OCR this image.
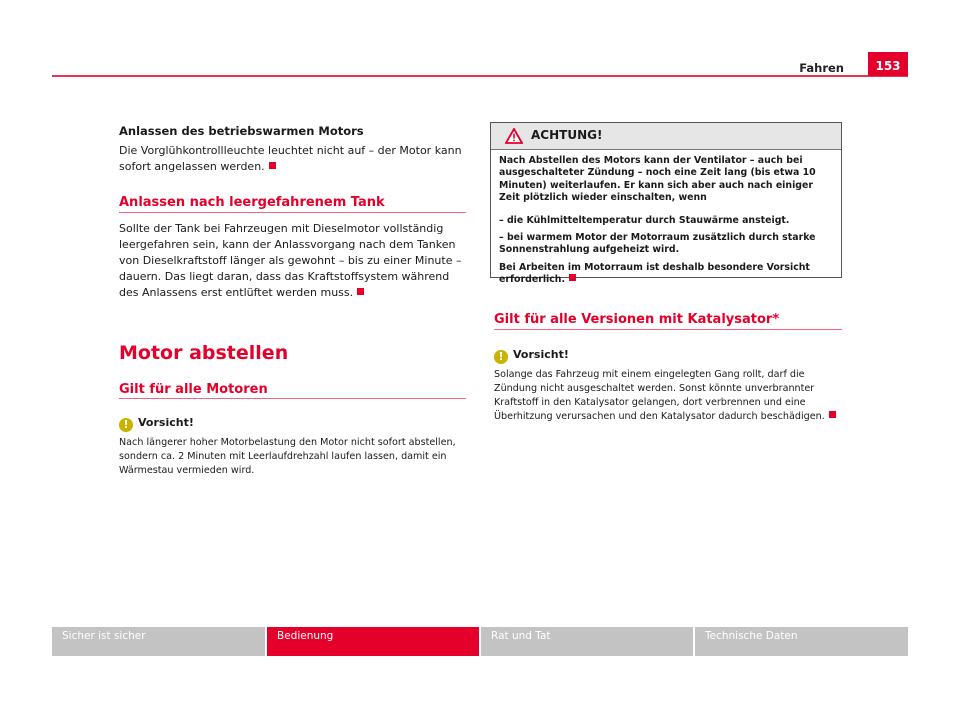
Fahren	153
Anlassen des betriebswarmen Motors
Die Vorglühkontrollleuchte leuchtet nicht auf – der Motor kann sofort angelassen werden.
Anlassen nach leergefahrenem Tank
Sollte der Tank bei Fahrzeugen mit Dieselmotor vollständig leergefahren sein, kann der Anlassvorgang nach dem Tanken von Dieselkraftstoff länger als gewohnt – bis zu einer Minute – dauern. Das liegt daran, dass das Kraftstoffsystem während des Anlassens erst entlüftet werden muss.
Motor abstellen
Gilt für alle Motoren
! Vorsicht!
Nach längerer hoher Motorbelastung den Motor nicht sofort abstellen, sondern ca. 2 Minuten mit Leerlaufdrehzahl laufen lassen, damit ein Wärmestau vermieden wird.
ACHTUNG!
Nach Abstellen des Motors kann der Ventilator – auch bei ausgeschalteter Zündung – noch eine Zeit lang (bis etwa 10 Minuten) weiterlaufen. Er kann sich aber auch nach einiger Zeit plötzlich wieder einschalten, wenn
– die Kühlmitteltemperatur durch Stauwärme ansteigt.
– bei warmem Motor der Motorraum zusätzlich durch starke Sonnenstrahlung aufgeheizt wird.
Bei Arbeiten im Motorraum ist deshalb besondere Vorsicht erforderlich.
Gilt für alle Versionen mit Katalysator*
! Vorsicht!
Solange das Fahrzeug mit einem eingelegten Gang rollt, darf die Zündung nicht ausgeschaltet werden. Sonst könnte unverbrannter Kraftstoff in den Katalysator gelangen, dort verbrennen und eine Überhitzung verursachen und den Katalysator dadurch beschädigen.
Sicher ist sicher	Bedienung	Rat und Tat	Technische Daten
